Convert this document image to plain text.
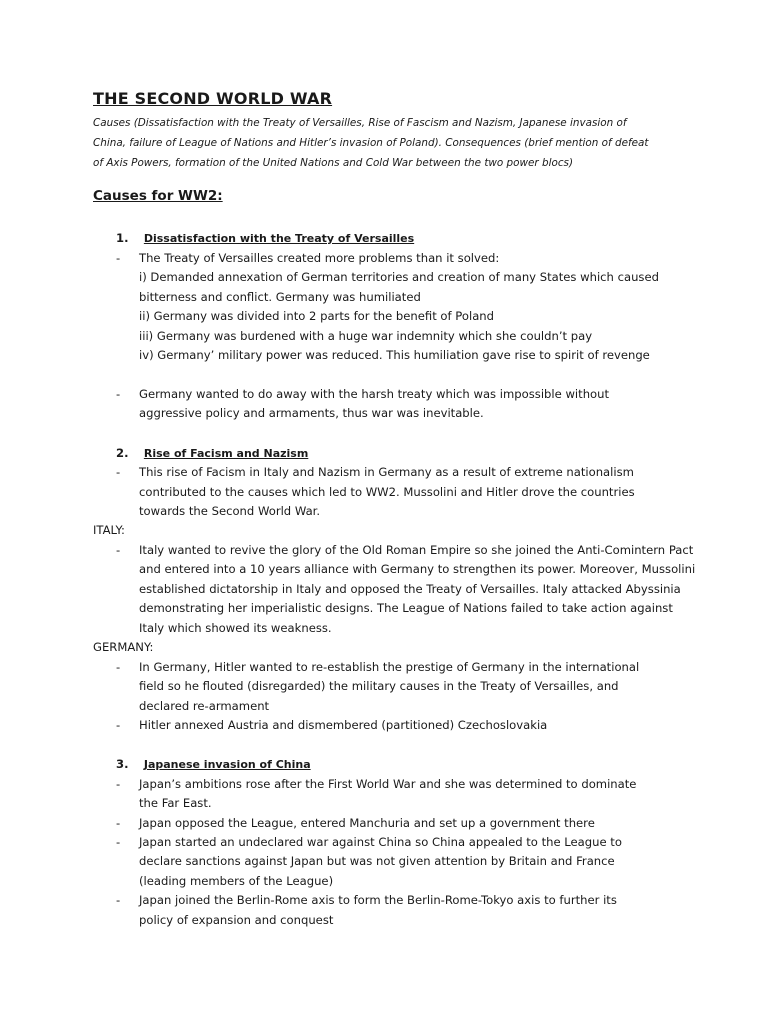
THE SECOND WORLD WAR
Causes (Dissatisfaction with the Treaty of Versailles, Rise of Fascism and Nazism, Japanese invasion of
China, failure of League of Nations and Hitler’s invasion of Poland). Consequences (brief mention of defeat
of Axis Powers, formation of the United Nations and Cold War between the two power blocs)
Causes for WW2:
1. Dissatisfaction with the Treaty of Versailles
- The Treaty of Versailles created more problems than it solved:
i) Demanded annexation of German territories and creation of many States which caused
bitterness and conflict. Germany was humiliated
ii) Germany was divided into 2 parts for the benefit of Poland
iii) Germany was burdened with a huge war indemnity which she couldn’t pay
iv) Germany’ military power was reduced. This humiliation gave rise to spirit of revenge
- Germany wanted to do away with the harsh treaty which was impossible without
aggressive policy and armaments, thus war was inevitable.
2. Rise of Facism and Nazism
- This rise of Facism in Italy and Nazism in Germany as a result of extreme nationalism
contributed to the causes which led to WW2. Mussolini and Hitler drove the countries
towards the Second World War.
ITALY:
- Italy wanted to revive the glory of the Old Roman Empire so she joined the Anti-Comintern Pact
and entered into a 10 years alliance with Germany to strengthen its power. Moreover, Mussolini
established dictatorship in Italy and opposed the Treaty of Versailles. Italy attacked Abyssinia
demonstrating her imperialistic designs. The League of Nations failed to take action against
Italy which showed its weakness.
GERMANY:
- In Germany, Hitler wanted to re-establish the prestige of Germany in the international
field so he flouted (disregarded) the military causes in the Treaty of Versailles, and
declared re-armament
- Hitler annexed Austria and dismembered (partitioned) Czechoslovakia
3. Japanese invasion of China
- Japan’s ambitions rose after the First World War and she was determined to dominate
the Far East.
- Japan opposed the League, entered Manchuria and set up a government there
- Japan started an undeclared war against China so China appealed to the League to
declare sanctions against Japan but was not given attention by Britain and France
(leading members of the League)
- Japan joined the Berlin-Rome axis to form the Berlin-Rome-Tokyo axis to further its
policy of expansion and conquest
